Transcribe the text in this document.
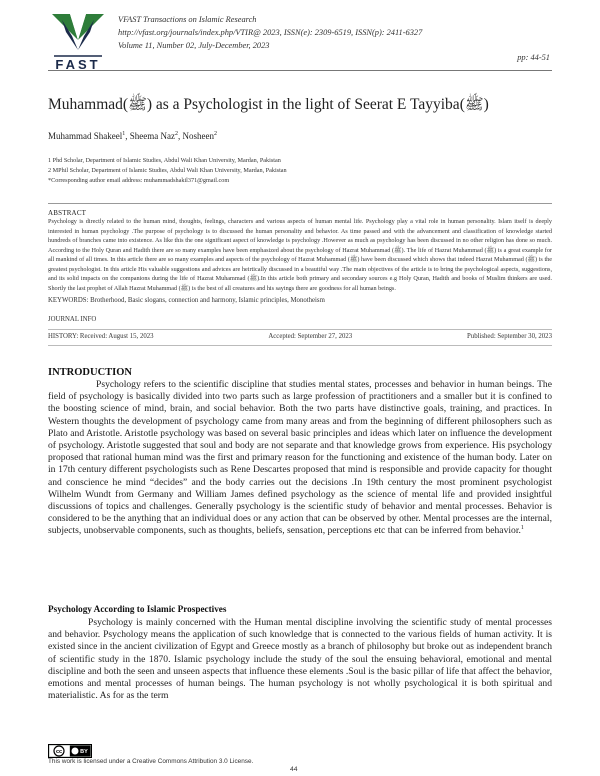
FAST
VFAST Transactions on Islamic Research
http://vfast.org/journals/index.php/VTIR@ 2023, ISSN(e): 2309-6519, ISSN(p): 2411-6327
Volume 11, Number 02, July-December, 2023
pp: 44-51
Muhammad(ﷺ) as a Psychologist in the light of Seerat E Tayyiba(ﷺ)
Muhammad Shakeel$^1$, Sheema Naz$^2$, Nosheen$^2$
1 Phd Scholar, Department of Islamic Studies, Abdul Wali Khan University, Mardan, Pakistan
2 MPhil Scholar, Department of Islamic Studies, Abdul Wali Khan University, Mardan, Pakistan
*Corresponding author email address: muhammadshakil371@gmail.com
ABSTRACT
Psychology is directly related to the human mind, thoughts, feelings, characters and various aspects of human mental life. Psychology play a vital role in human personality. Islam itself is deeply interested in human psychology .The purpose of psychology is to discussed the human personality and behavior. As time passed and with the advancement and classification of knowledge started hundreds of branches came into existence. As like this the one significant aspect of knowledge is psychology .However as much as psychology has been discussed in no other religion has done so much. According to the Holy Quran and Hadith there are so many examples have been emphasized about the psychology of Hazrat Muhammad (ﷺ). The life of Hazrat Muhammad (ﷺ) is a great example for all mankind of all times. In this article there are so many examples and aspects of the psychology of Hazrat Muhammad (ﷺ) have been discussed which shows that indeed Hazrat Muhammad (ﷺ) is the greatest psychologist. In this article His valuable suggestions and advices are heirtically discussed in a beautiful way .The main objectives of the article is to bring the psychological aspects, suggestions, and its solid impacts on the companions during the life of Hazrat Muhammad (ﷺ).In this article both primary and secondary sources e.g Holy Quran, Hadith and books of Muslim thinkers are used. Shortly the last prophet of Allah Hazrat Muhammad (ﷺ) is the best of all creatures and his sayings there are goodness for all human beings.
KEYWORDS: Brotherhood, Basic slogans, connection and harmony, Islamic principles, Monotheism
JOURNAL INFO
HISTORY: Received: August 15, 2023	Accepted: September 27, 2023	Published: September 30, 2023
INTRODUCTION
Psychology refers to the scientific discipline that studies mental states, processes and behavior in human beings. The field of psychology is basically divided into two parts such as large profession of practitioners and a smaller but it is confined to the boosting science of mind, brain, and social behavior. Both the two parts have distinctive goals, training, and practices. In Western thoughts the development of psychology came from many areas and from the beginning of different philosophers such as Plato and Aristotle. Aristotle psychology was based on several basic principles and ideas which later on influence the development of psychology. Aristotle suggested that soul and body are not separate and that knowledge grows from experience. His psychology proposed that rational human mind was the first and primary reason for the functioning and existence of the human body. Later on in 17th century different psychologists such as Rene Descartes proposed that mind is responsible and provide capacity for thought and conscience he mind “decides” and the body carries out the decisions .In 19th century the most prominent psychologist Wilhelm Wundt from Germany and William James defined psychology as the science of mental life and provided insightful discussions of topics and challenges. Generally psychology is the scientific study of behavior and mental processes. Behavior is considered to be the anything that an individual does or any action that can be observed by other. Mental processes are the internal, subjects, unobservable components, such as thoughts, beliefs, sensation, perceptions etc that can be inferred from behavior.$^1$
Psychology According to Islamic Prospectives
Psychology is mainly concerned with the Human mental discipline involving the scientific study of mental processes and behavior. Psychology means the application of such knowledge that is connected to the various fields of human activity. It is existed since in the ancient civilization of Egypt and Greece mostly as a branch of philosophy but broke out as independent branch of scientific study in the 1870. Islamic psychology include the study of the soul the ensuing behavioral, emotional and mental discipline and both the seen and unseen aspects that influence these elements .Soul is the basic pillar of life that affect the behavior, emotions and mental processes of human beings. The human psychology is not wholly psychological it is both spiritual and materialistic. As for as the term
cc	BY
This work is licensed under a Creative Commons Attribution 3.0 License.
44
